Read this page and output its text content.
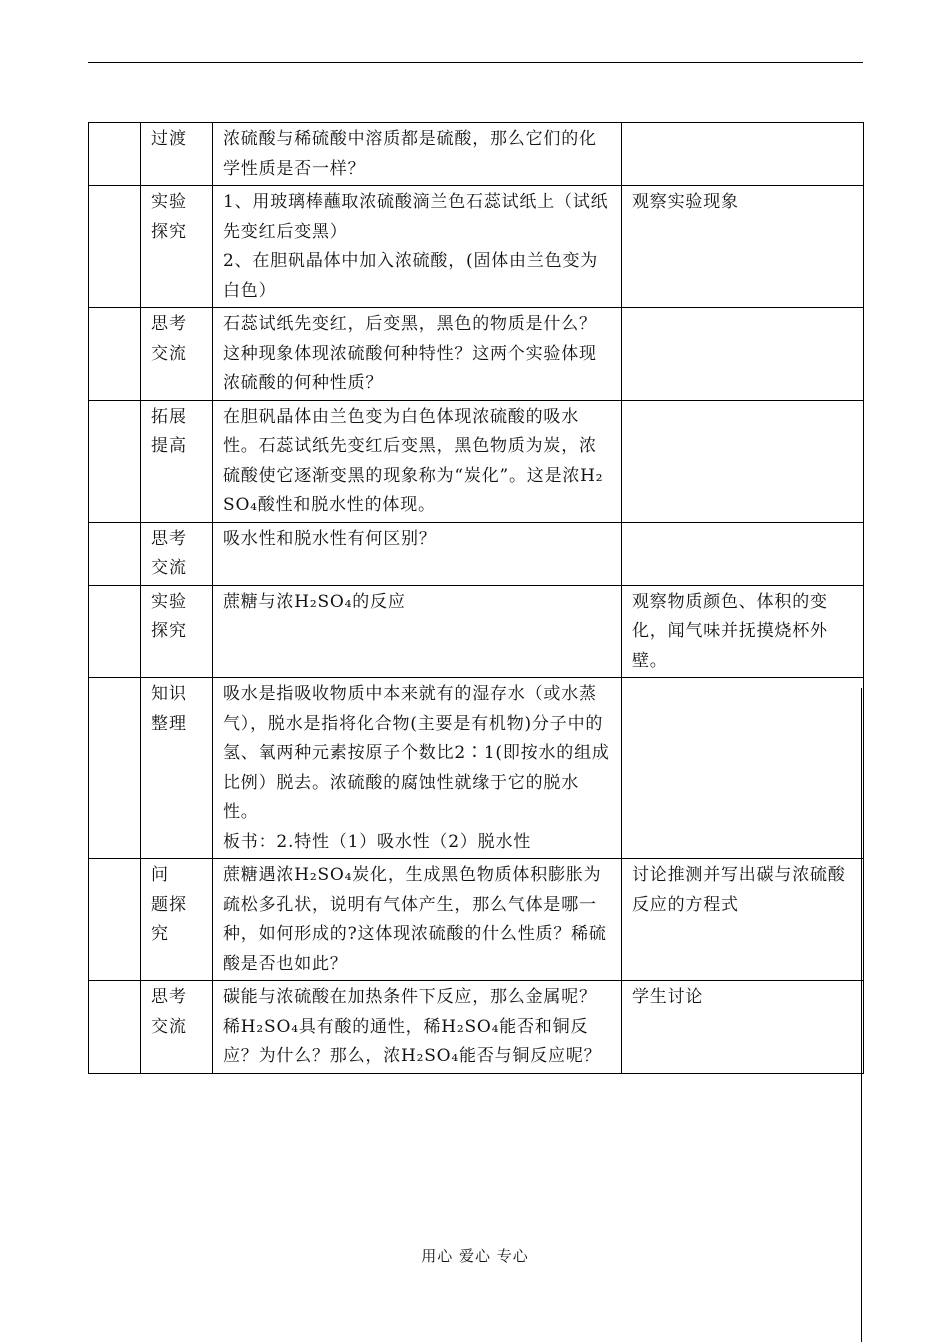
	过渡	浓硫酸与稀硫酸中溶质都是硫酸，那么它们的化学性质是否一样？	

	实验探究	1、用玻璃棒蘸取浓硫酸滴兰色石蕊试纸上（试纸先变红后变黑）
2、在胆矾晶体中加入浓硫酸，(固体由兰色变为白色）	观察实验现象
	思考交流	石蕊试纸先变红，后变黑，黑色的物质是什么？这种现象体现浓硫酸何种特性？这两个实验体现浓硫酸的何种性质？	

	拓展提高	在胆矾晶体由兰色变为白色体现浓硫酸的吸水性。石蕊试纸先变红后变黑，黑色物质为炭，浓硫酸使它逐渐变黑的现象称为“炭化”。这是浓H₂SO₄酸性和脱水性的体现。	

	思考交流	吸水性和脱水性有何区别？	

	实验探究	蔗糖与浓H₂SO₄的反应	观察物质颜色、体积的变化，闻气味并抚摸烧杯外壁。
	知识整理	吸水是指吸收物质中本来就有的湿存水（或水蒸气），脱水是指将化合物(主要是有机物)分子中的氢、氧两种元素按原子个数比2∶1(即按水的组成比例）脱去。浓硫酸的腐蚀性就缘于它的脱水性。
板书：2.特性（1）吸水性（2）脱水性	

	问　题探究	蔗糖遇浓H₂SO₄炭化，生成黑色物质体积膨胀为疏松多孔状，说明有气体产生，那么气体是哪一种，如何形成的?这体现浓硫酸的什么性质？稀硫酸是否也如此？	讨论推测并写出碳与浓硫酸反应的方程式
	思考交流	碳能与浓硫酸在加热条件下反应，那么金属呢？稀H₂SO₄具有酸的通性，稀H₂SO₄能否和铜反应？为什么？那么，浓H₂SO₄能否与铜反应呢？	学生讨论
用心 爱心 专心
